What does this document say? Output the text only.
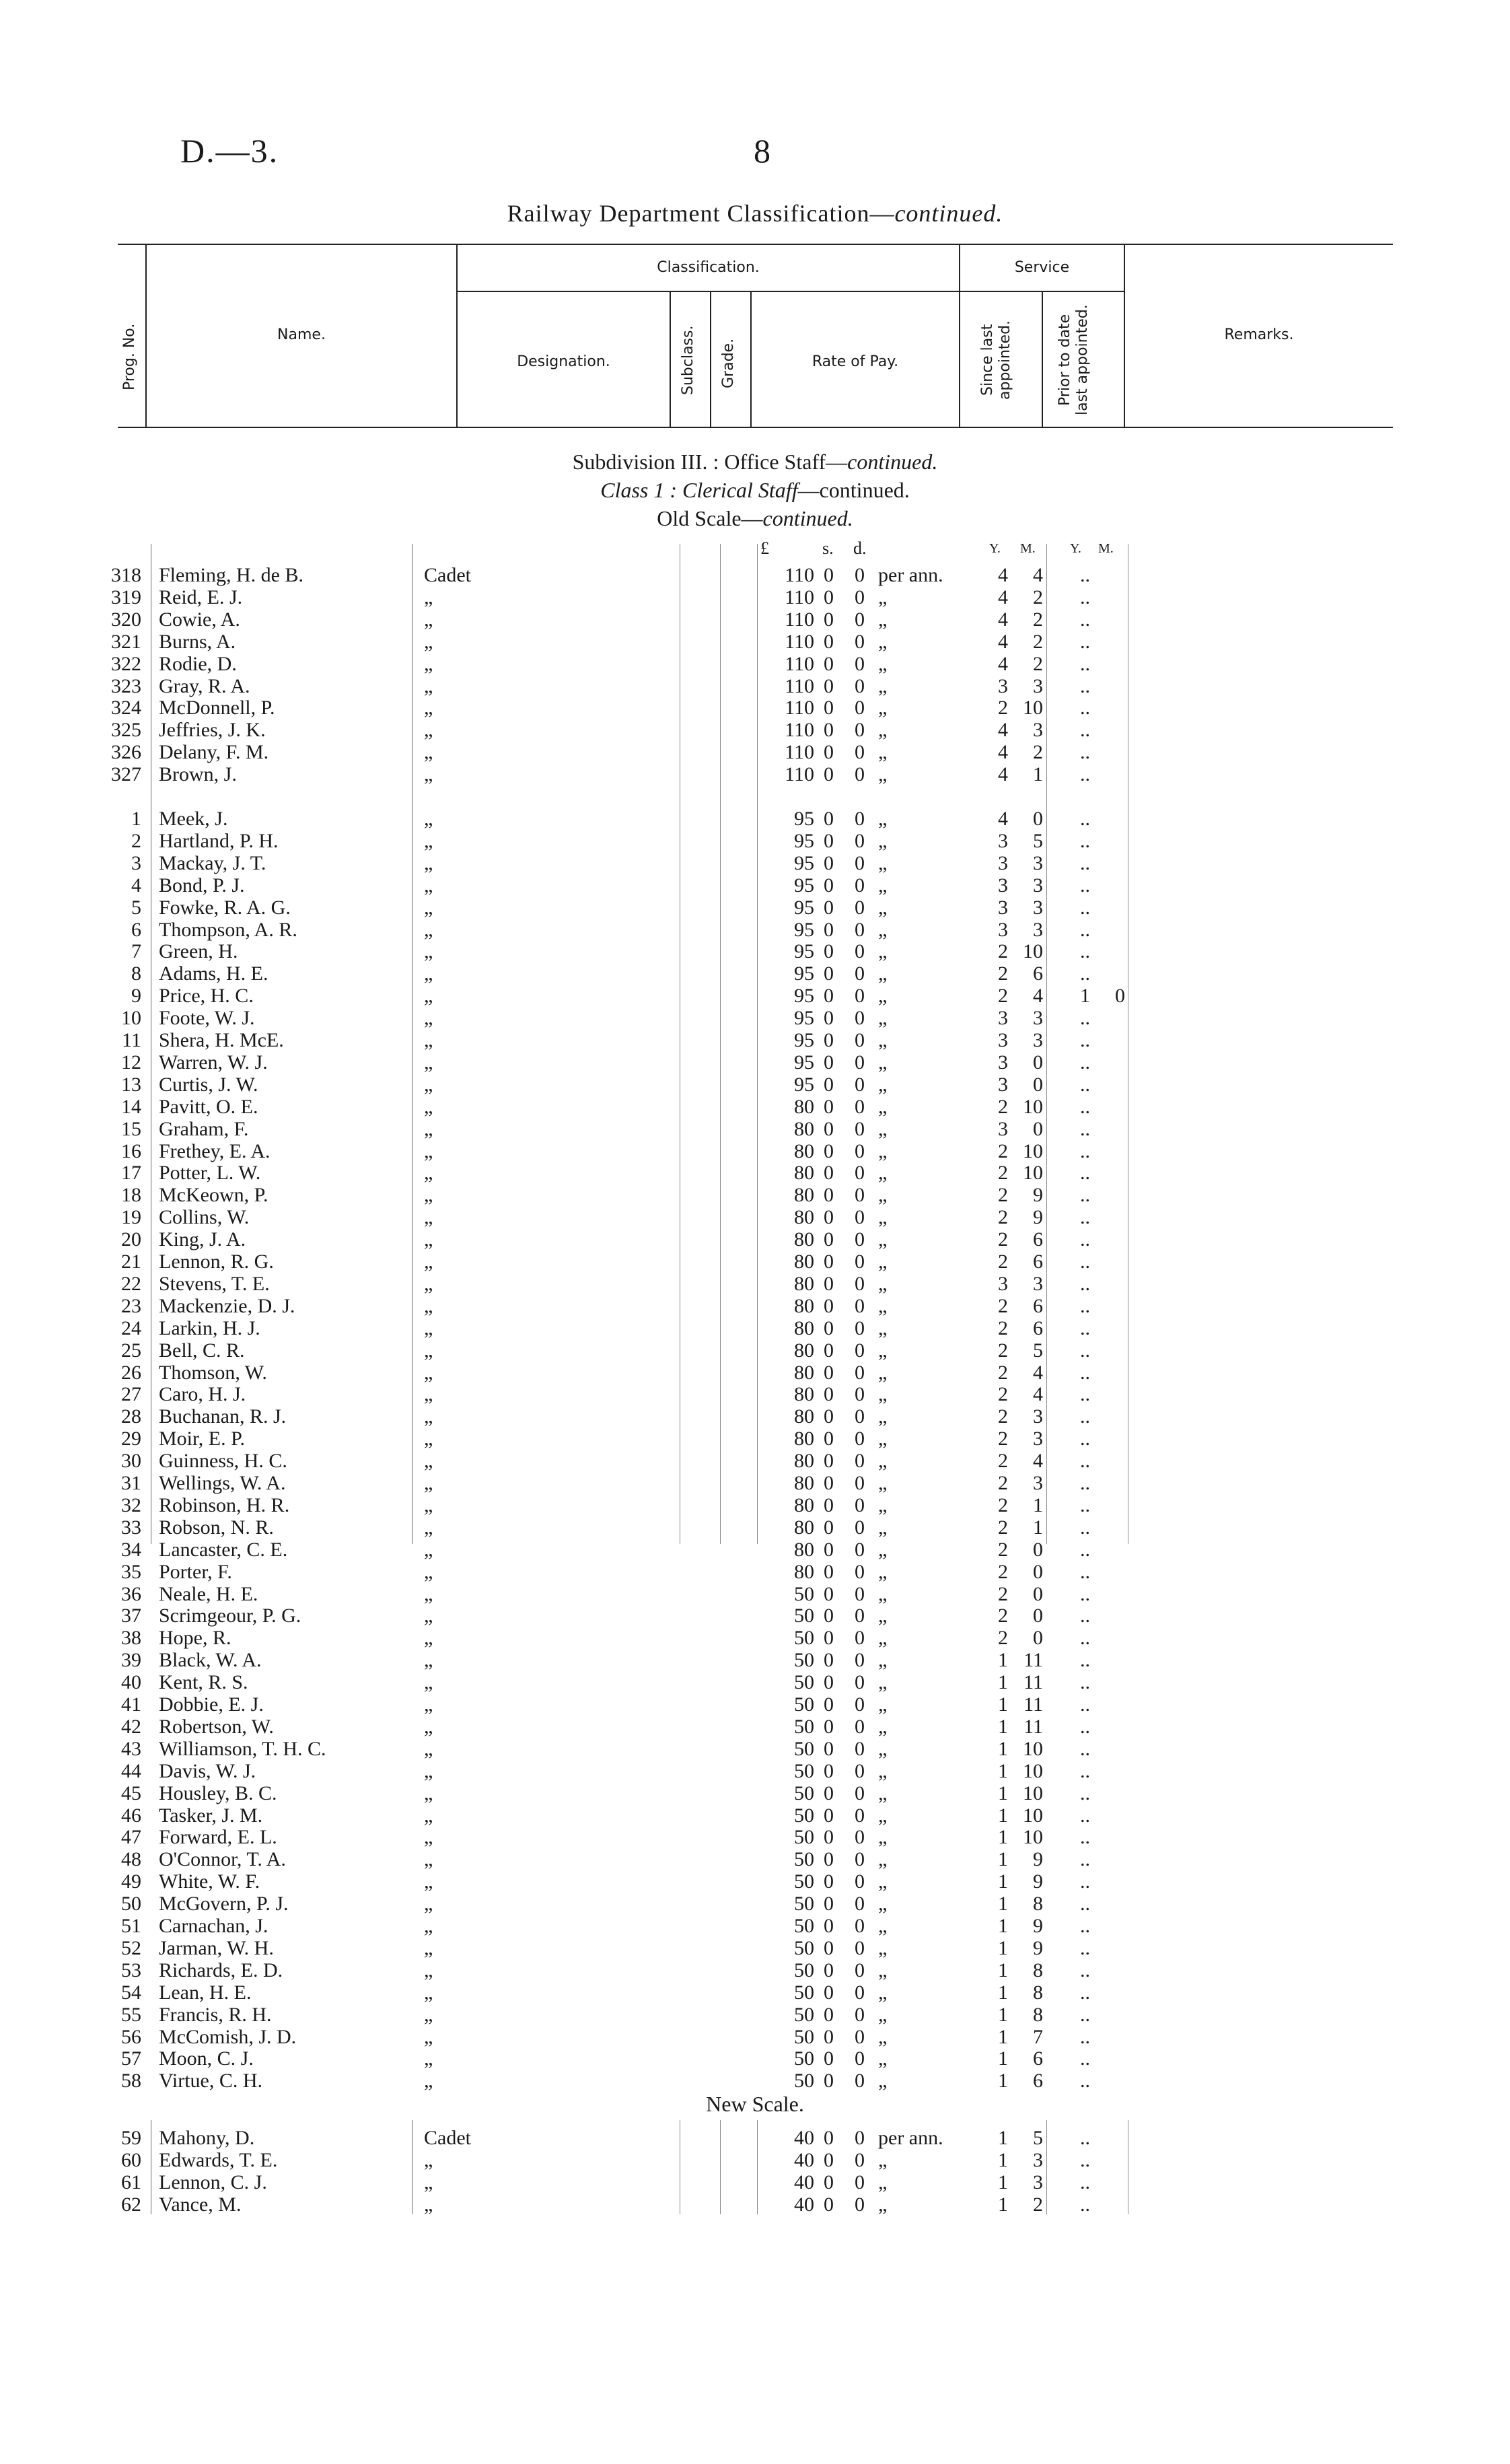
D.—3.	8
Railway Department Classification—continued.
Prog. No.	Name.
Classification.
Designation.	Subclass. Grade.	Rate of Pay.
Service
Since last appointed.	Prior to date last appointed.	Remarks.
Subdivision III. : Office Staff—continued.
Class 1 : Clerical Staff—continued.
Old Scale—continued.
£	s. d.	Y. M.	Y. M.
318 Fleming, H. de B.	Cadet	110 0 0 per ann.	4	4	..
319 Reid, E. J.	„	110 0 0 „	4	2	..
320 Cowie, A.	„	110 0 0 „	4	2	..
321 Burns, A.	„	110 0 0 „	4	2	..
322 Rodie, D.	„	110 0 0 „	4	2	..
323 Gray, R. A.	„	110 0 0 „	3	3	..
324 McDonnell, P.	„	110 0 0 „	2 10	..
325 Jeffries, J. K.	„	110 0 0 „	4	3	..
326 Delany, F. M.	„	110 0 0 „	4	2	..
327 Brown, J.	„	110 0 0 „	4	1	..
1 Meek, J.	„	95 0 0 „	4	0	..
2 Hartland, P. H.	„	95 0 0 „	3	5	..
3 Mackay, J. T.	„	95 0 0 „	3	3	..
4 Bond, P. J.	„	95 0 0 „	3	3	..
5 Fowke, R. A. G.	„	95 0 0 „	3	3	..
6 Thompson, A. R.	„	95 0 0 „	3	3	..
7 Green, H.	„	95 0 0 „	2 10	..
8 Adams, H. E.	„	95 0 0 „	2	6	..
9 Price, H. C.	„	95 0 0 „	2	4	1	0
10 Foote, W. J.	„	95 0 0 „	3	3	..
11 Shera, H. McE.	„	95 0 0 „	3	3	..
12 Warren, W. J.	„	95 0 0 „	3	0	..
13 Curtis, J. W.	„	95 0 0 „	3	0	..
14 Pavitt, O. E.	„	80 0 0 „	2 10	..
15 Graham, F.	„	80 0 0 „	3	0	..
16 Frethey, E. A.	„	80 0 0 „	2 10	..
17 Potter, L. W.	„	80 0 0 „	2 10	..
18 McKeown, P.	„	80 0 0 „	2	9	..
19 Collins, W.	„	80 0 0 „	2	9	..
20 King, J. A.	„	80 0 0 „	2	6	..
21 Lennon, R. G.	„	80 0 0 „	2	6	..
22 Stevens, T. E.	„	80 0 0 „	3	3	..
23 Mackenzie, D. J.	„	80 0 0 „	2	6	..
24 Larkin, H. J.	„	80 0 0 „	2	6	..
25 Bell, C. R.	„	80 0 0 „	2	5	..
26 Thomson, W.	„	80 0 0 „	2	4	..
27 Caro, H. J.	„	80 0 0 „	2	4	..
28 Buchanan, R. J.	„	80 0 0 „	2	3	..
29 Moir, E. P.	„	80 0 0 „	2	3	..
30 Guinness, H. C.	„	80 0 0 „	2	4	..
31 Wellings, W. A.	„	80 0 0 „	2	3	..
32 Robinson, H. R.	„	80 0 0 „	2	1	..
33 Robson, N. R.	„	80 0 0 „	2	1	..
34 Lancaster, C. E.	„	80 0 0 „	2	0	..
35 Porter, F.	„	80 0 0 „	2	0	..
36 Neale, H. E.	„	50 0 0 „	2	0	..
37 Scrimgeour, P. G.	„	50 0 0 „	2	0	..
38 Hope, R.	„	50 0 0 „	2	0	..
39 Black, W. A.	„	50 0 0 „	1 11	..
40 Kent, R. S.	„	50 0 0 „	1 11	..
41 Dobbie, E. J.	„	50 0 0 „	1 11	..
42 Robertson, W.	„	50 0 0 „	1 11	..
43 Williamson, T. H. C.	„	50 0 0 „	1 10	..
44 Davis, W. J.	„	50 0 0 „	1 10	..
45 Housley, B. C.	„	50 0 0 „	1 10	..
46 Tasker, J. M.	„	50 0 0 „	1 10	..
47 Forward, E. L.	„	50 0 0 „	1 10	..
48 O'Connor, T. A.	„	50 0 0 „	1	9	..
49 White, W. F.	„	50 0 0 „	1	9	..
50 McGovern, P. J.	„	50 0 0 „	1	8	..
51 Carnachan, J.	„	50 0 0 „	1	9	..
52 Jarman, W. H.	„	50 0 0 „	1	9	..
53 Richards, E. D.	„	50 0 0 „	1	8	..
54 Lean, H. E.	„	50 0 0 „	1	8	..
55 Francis, R. H.	„	50 0 0 „	1	8	..
56 McComish, J. D.	„	50 0 0 „	1	7	..
57 Moon, C. J.	„	50 0 0 „	1	6	..
58 Virtue, C. H.	„	50 0 0 „	1	6	..
New Scale.
59 Mahony, D.	Cadet	40 0 0 per ann.	1	5	..
60 Edwards, T. E.	„	40 0 0 „	1	3	..
61 Lennon, C. J.	„	40 0 0 „	1	3	..
62 Vance, M.	„	40 0 0 „	1	2	..
